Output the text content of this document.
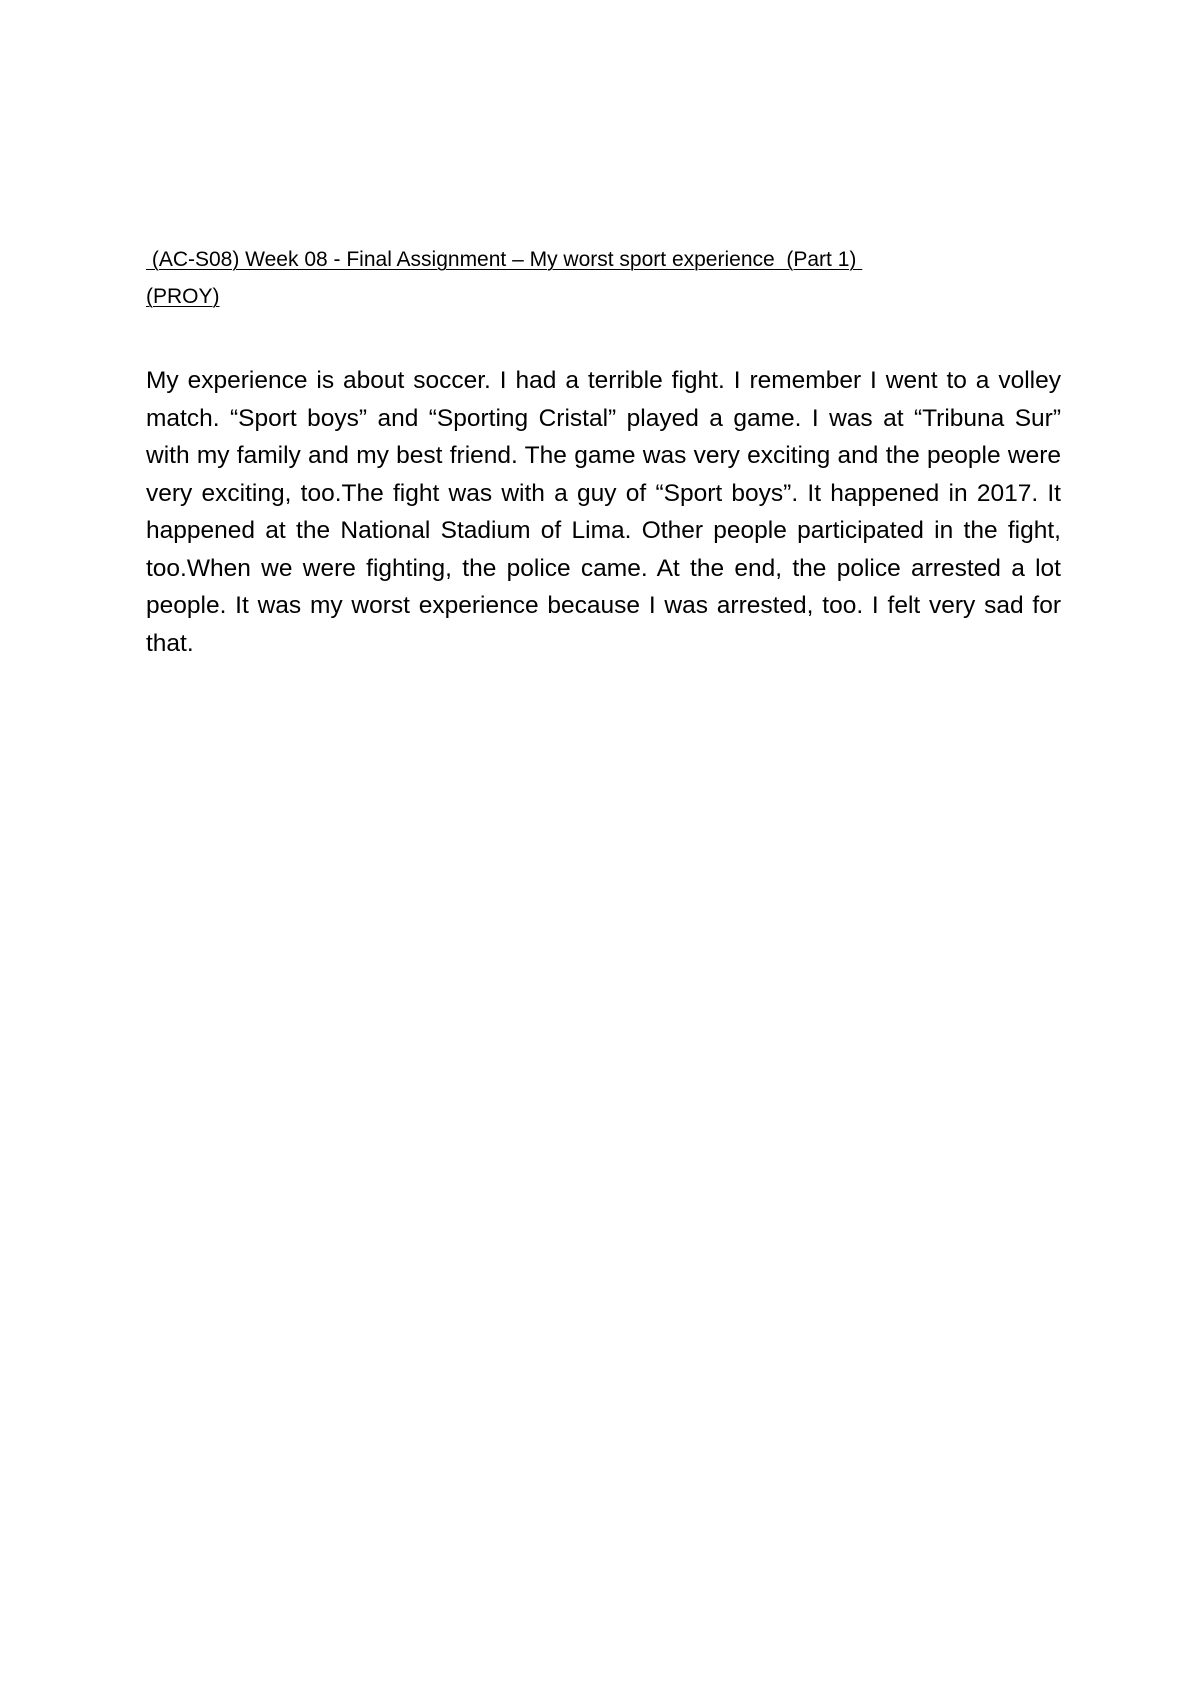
(AC-S08) Week 08 - Final Assignment – My worst sport experience  (Part 1)
(PROY)

My experience is about soccer. I had a terrible fight. I remember I went to a volley match. “Sport boys” and “Sporting Cristal” played a game. I was at “Tribuna Sur” with my family and my best friend. The game was very exciting and the people were very exciting, too.The fight was with a guy of “Sport boys”. It happened in 2017. It happened at the National Stadium of Lima. Other people participated in the fight, too.When we were fighting, the police came. At the end, the police arrested a lot people. It was my worst experience because I was arrested, too. I felt very sad for that.
